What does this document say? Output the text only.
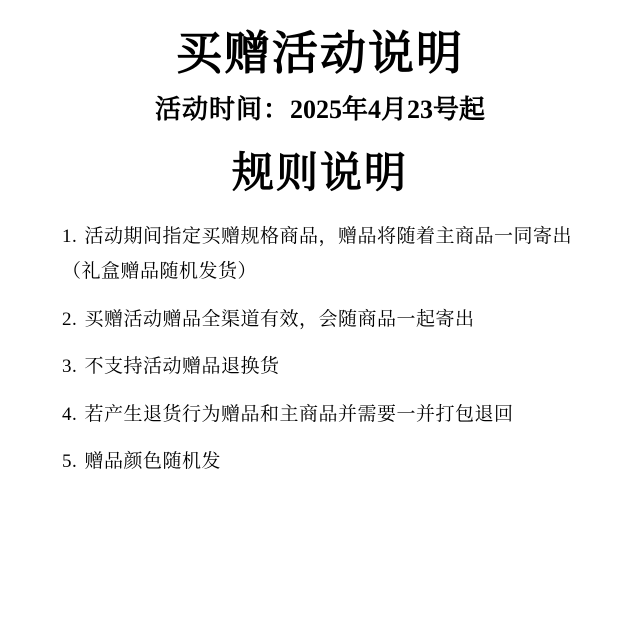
买赠活动说明
活动时间： 2025年4月23号起
规则说明
1. 活动期间指定买赠规格商品，赠品将随着主商品一同寄出
（礼盒赠品随机发货）
2. 买赠活动赠品全渠道有效，会随商品一起寄出
3. 不支持活动赠品退换货
4. 若产生退货行为赠品和主商品并需要一并打包退回
5. 赠品颜色随机发
